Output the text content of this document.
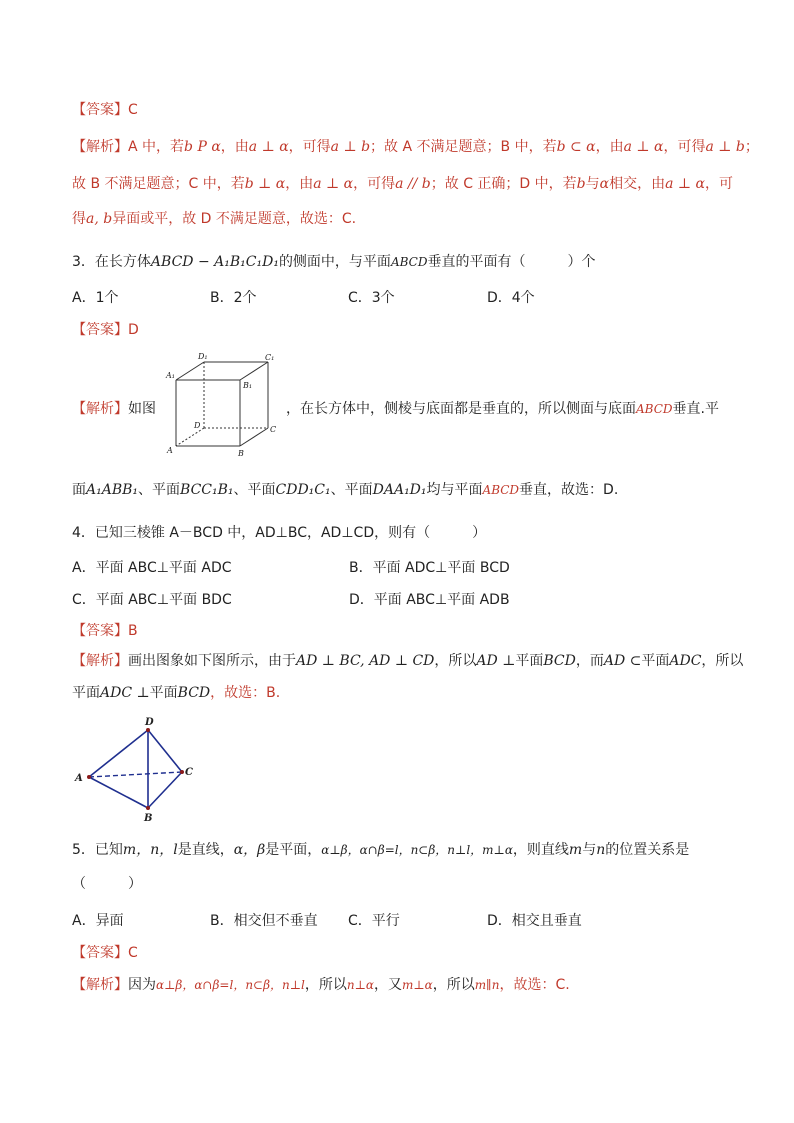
【答案】C
【解析】A 中，若b P α，由a ⊥ α，可得a ⊥ b；故 A 不满足题意；B 中，若b ⊂ α，由a ⊥ α，可得a ⊥ b；
故 B 不满足题意；C 中，若b ⊥ α，由a ⊥ α，可得a // b；故 C 正确；D 中，若b与α相交，由a ⊥ α，可
得a, b异面或平，故 D 不满足题意，故选：C.
3．在长方体ABCD − A₁B₁C₁D₁的侧面中，与平面ABCD垂直的平面有（　　　）个
A．1个	B．2个	C．3个	D．4个
【答案】D
【解析】如图
D₁	C₁
A₁
B₁
D	C
A	B
，在长方体中，侧棱与底面都是垂直的，所以侧面与底面ABCD垂直.平
面A₁ABB₁、平面BCC₁B₁、平面CDD₁C₁、平面DAA₁D₁均与平面ABCD垂直，故选：D.
4．已知三棱锥 A－BCD 中，AD⊥BC，AD⊥CD，则有（　　　）
A．平面 ABC⊥平面 ADC	B．平面 ADC⊥平面 BCD
C．平面 ABC⊥平面 BDC	D．平面 ABC⊥平面 ADB
【答案】B
【解析】画出图象如下图所示，由于AD ⊥ BC, AD ⊥ CD，所以AD ⊥平面BCD，而AD ⊂平面ADC，所以
平面ADC ⊥平面BCD，故选：B.
D
A
C
B
5．已知m，n，l是直线，α，β是平面，α⊥β，α∩β=l，n⊂β，n⊥l，m⊥α，则直线m与n的位置关系是
（　　　）
A．异面	B．相交但不垂直 C．平行	D．相交且垂直
【答案】C
【解析】因为α⊥β，α∩β=l，n⊂β，n⊥l，所以n⊥α，又m⊥α，所以m∥n，故选：C.
